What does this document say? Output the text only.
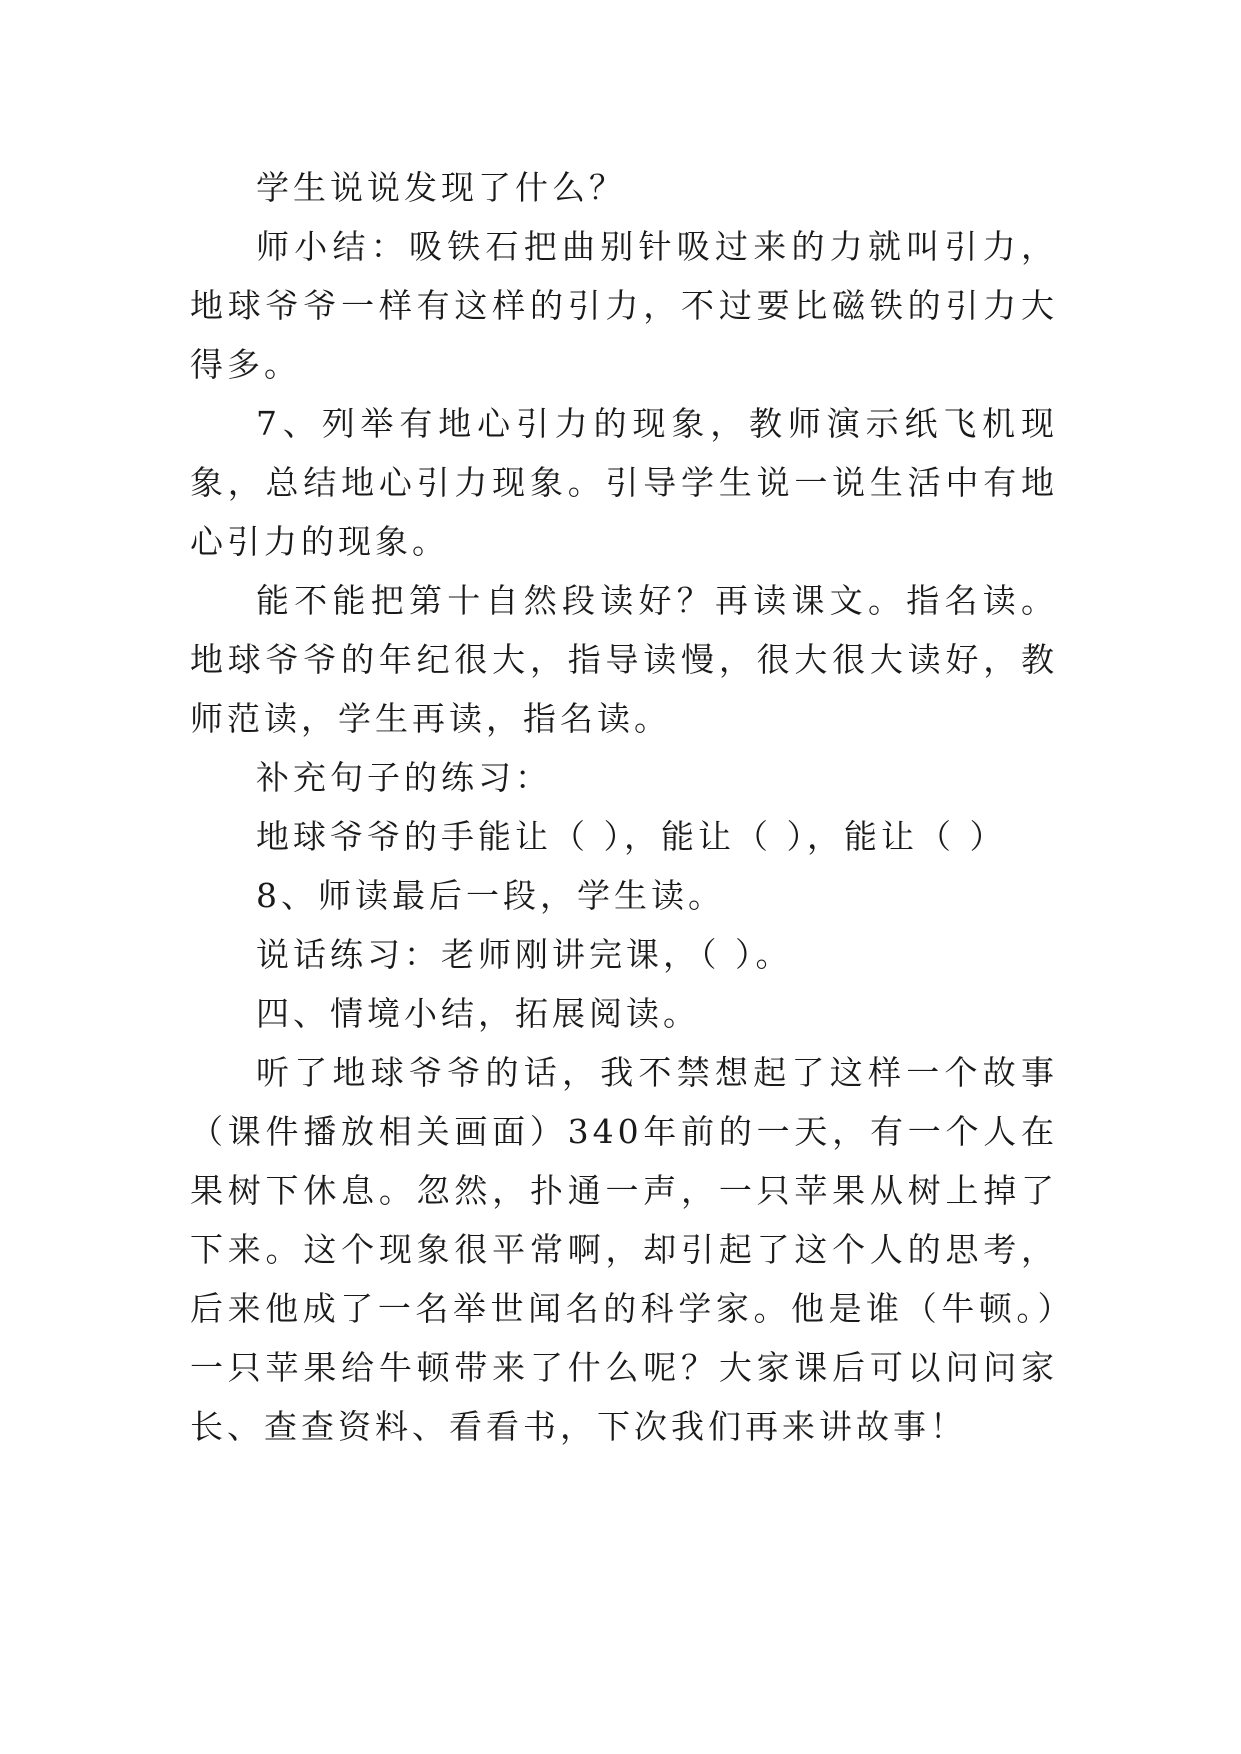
学生说说发现了什么？

师小结：吸铁石把曲别针吸过来的力就叫引力，地球爷爷一样有这样的引力，不过要比磁铁的引力大得多。

7、列举有地心引力的现象，教师演示纸飞机现象，总结地心引力现象。引导学生说一说生活中有地心引力的现象。

能不能把第十自然段读好？再读课文。指名读。地球爷爷的年纪很大，指导读慢，很大很大读好，教师范读，学生再读，指名读。

补充句子的练习：

地球爷爷的手能让（ ），能让（ ），能让（ ）

8、师读最后一段，学生读。

说话练习：老师刚讲完课，（ ）。

四、情境小结，拓展阅读。

听了地球爷爷的话，我不禁想起了这样一个故事（课件播放相关画面）340年前的一天，有一个人在果树下休息。忽然，扑通一声，一只苹果从树上掉了下来。这个现象很平常啊，却引起了这个人的思考，后来他成了一名举世闻名的科学家。他是谁（牛顿。）一只苹果给牛顿带来了什么呢？大家课后可以问问家长、查查资料、看看书，下次我们再来讲故事！
